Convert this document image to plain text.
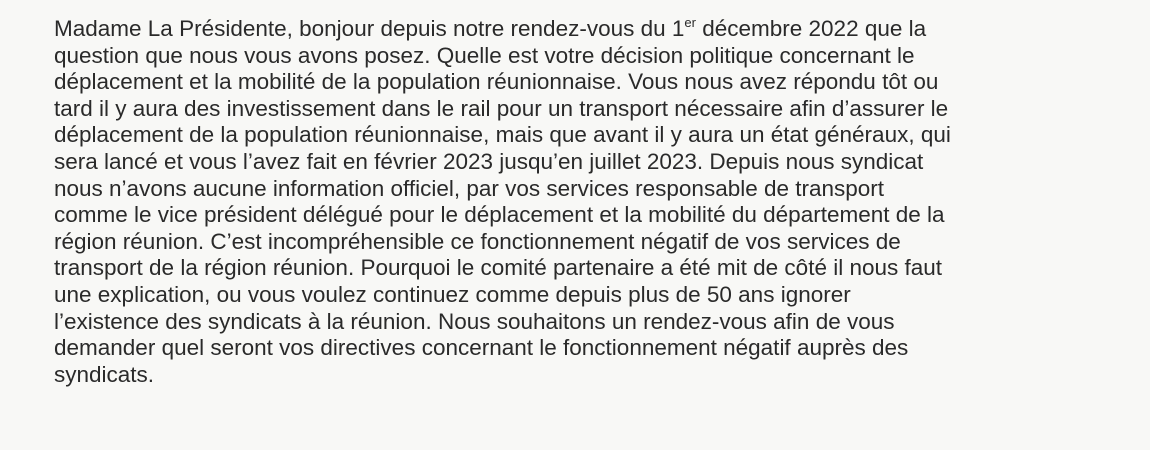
Madame La Présidente, bonjour depuis notre rendez-vous du 1er décembre 2022 que la
question que nous vous avons posez. Quelle est votre décision politique concernant le
déplacement et la mobilité de la population réunionnaise. Vous nous avez répondu tôt ou
tard il y aura des investissement dans le rail pour un transport nécessaire afin d’assurer le
déplacement de la population réunionnaise, mais que avant il y aura un état généraux, qui
sera lancé et vous l’avez fait en février 2023 jusqu’en juillet 2023. Depuis nous syndicat
nous n’avons aucune information officiel, par vos services responsable de transport
comme le vice président délégué pour le déplacement et la mobilité du département de la
région réunion. C’est incompréhensible ce fonctionnement négatif de vos services de
transport de la région réunion. Pourquoi le comité partenaire a été mit de côté il nous faut
une explication, ou vous voulez continuez comme depuis plus de 50 ans ignorer
l’existence des syndicats à la réunion. Nous souhaitons un rendez-vous afin de vous
demander quel seront vos directives concernant le fonctionnement négatif auprès des
syndicats.
